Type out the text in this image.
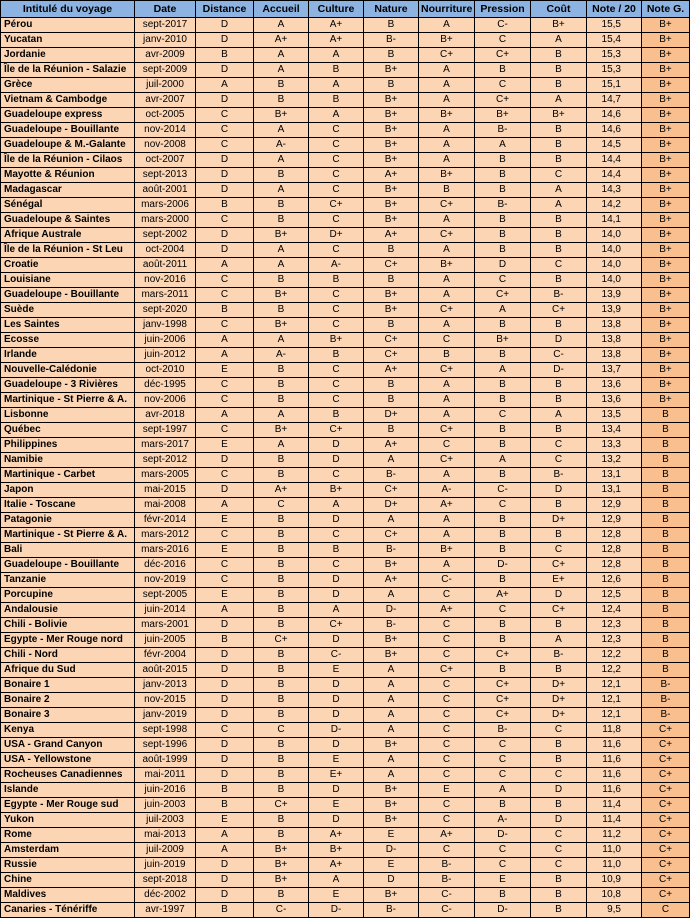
Intitulé du voyage	Date	Distance	Accueil	Culture	Nature	Nourriture	Pression	Coût	Note / 20	Note G.
Pérou	sept-2017	D	A	A+	B	A	C-	B+	15,5	B+
Yucatan	janv-2010	D	A+	A+	B-	B+	C	A	15,4	B+
Jordanie	avr-2009	B	A	A	B	C+	C+	B	15,3	B+
Île de la Réunion - Salazie	sept-2009	D	A	B	B+	A	B	B	15,3	B+
Grèce	juil-2000	A	B	A	B	A	C	B	15,1	B+
Vietnam & Cambodge	avr-2007	D	B	B	B+	A	C+	A	14,7	B+
Guadeloupe express	oct-2005	C	B+	A	B+	B+	B+	B+	14,6	B+
Guadeloupe - Bouillante	nov-2014	C	A	C	B+	A	B-	B	14,6	B+
Guadeloupe & M.-Galante	nov-2008	C	A-	C	B+	A	A	B	14,5	B+
Île de la Réunion - Cilaos	oct-2007	D	A	C	B+	A	B	B	14,4	B+
Mayotte & Réunion	sept-2013	D	B	C	A+	B+	B	C	14,4	B+
Madagascar	août-2001	D	A	C	B+	B	B	A	14,3	B+
Sénégal	mars-2006	B	B	C+	B+	C+	B-	A	14,2	B+
Guadeloupe & Saintes	mars-2000	C	B	C	B+	A	B	B	14,1	B+
Afrique Australe	sept-2002	D	B+	D+	A+	C+	B	B	14,0	B+
Île de la Réunion - St Leu	oct-2004	D	A	C	B	A	B	B	14,0	B+
Croatie	août-2011	A	A	A-	C+	B+	D	C	14,0	B+
Louisiane	nov-2016	C	B	B	B	A	C	B	14,0	B+
Guadeloupe - Bouillante	mars-2011	C	B+	C	B+	A	C+	B-	13,9	B+
Suède	sept-2020	B	B	C	B+	C+	A	C+	13,9	B+
Les Saintes	janv-1998	C	B+	C	B	A	B	B	13,8	B+
Ecosse	juin-2006	A	A	B+	C+	C	B+	D	13,8	B+
Irlande	juin-2012	A	A-	B	C+	B	B	C-	13,8	B+
Nouvelle-Calédonie	oct-2010	E	B	C	A+	C+	A	D-	13,7	B+
Guadeloupe - 3 Rivières	déc-1995	C	B	C	B	A	B	B	13,6	B+
Martinique - St Pierre & A.	nov-2006	C	B	C	B	A	B	B	13,6	B+
Lisbonne	avr-2018	A	A	B	D+	A	C	A	13,5	B
Québec	sept-1997	C	B+	C+	B	C+	B	B	13,4	B
Philippines	mars-2017	E	A	D	A+	C	B	C	13,3	B
Namibie	sept-2012	D	B	D	A	C+	A	C	13,2	B
Martinique - Carbet	mars-2005	C	B	C	B-	A	B	B-	13,1	B
Japon	mai-2015	D	A+	B+	C+	A-	C-	D	13,1	B
Italie - Toscane	mai-2008	A	C	A	D+	A+	C	B	12,9	B
Patagonie	févr-2014	E	B	D	A	A	B	D+	12,9	B
Martinique - St Pierre & A.	mars-2012	C	B	C	C+	A	B	B	12,8	B
Bali	mars-2016	E	B	B	B-	B+	B	C	12,8	B
Guadeloupe - Bouillante	déc-2016	C	B	C	B+	A	D-	C+	12,8	B
Tanzanie	nov-2019	C	B	D	A+	C-	B	E+	12,6	B
Porcupine	sept-2005	E	B	D	A	C	A+	D	12,5	B
Andalousie	juin-2014	A	B	A	D-	A+	C	C+	12,4	B
Chili - Bolivie	mars-2001	D	B	C+	B-	C	B	B	12,3	B
Egypte - Mer Rouge nord	juin-2005	B	C+	D	B+	C	B	A	12,3	B
Chili - Nord	févr-2004	D	B	C-	B+	C	C+	B-	12,2	B
Afrique du Sud	août-2015	D	B	E	A	C+	B	B	12,2	B
Bonaire 1	janv-2013	D	B	D	A	C	C+	D+	12,1	B-
Bonaire 2	nov-2015	D	B	D	A	C	C+	D+	12,1	B-
Bonaire 3	janv-2019	D	B	D	A	C	C+	D+	12,1	B-
Kenya	sept-1998	C	C	D-	A	C	B-	C	11,8	C+
USA - Grand Canyon	sept-1996	D	B	D	B+	C	C	B	11,6	C+
USA - Yellowstone	août-1999	D	B	E	A	C	C	B	11,6	C+
Rocheuses Canadiennes	mai-2011	D	B	E+	A	C	C	C	11,6	C+
Islande	juin-2016	B	B	D	B+	E	A	D	11,6	C+
Egypte - Mer Rouge sud	juin-2003	B	C+	E	B+	C	B	B	11,4	C+
Yukon	juil-2003	E	B	D	B+	C	A-	D	11,4	C+
Rome	mai-2013	A	B	A+	E	A+	D-	C	11,2	C+
Amsterdam	juil-2009	A	B+	B+	D-	C	C	C	11,0	C+
Russie	juin-2019	D	B+	A+	E	B-	C	C	11,0	C+
Chine	sept-2018	D	B+	A	D	B-	E	B	10,9	C+
Maldives	déc-2002	D	B	E	B+	C-	B	B	10,8	C+
Canaries - Ténériffe	avr-1997	B	C-	D-	B-	C-	D-	B	9,5	C
